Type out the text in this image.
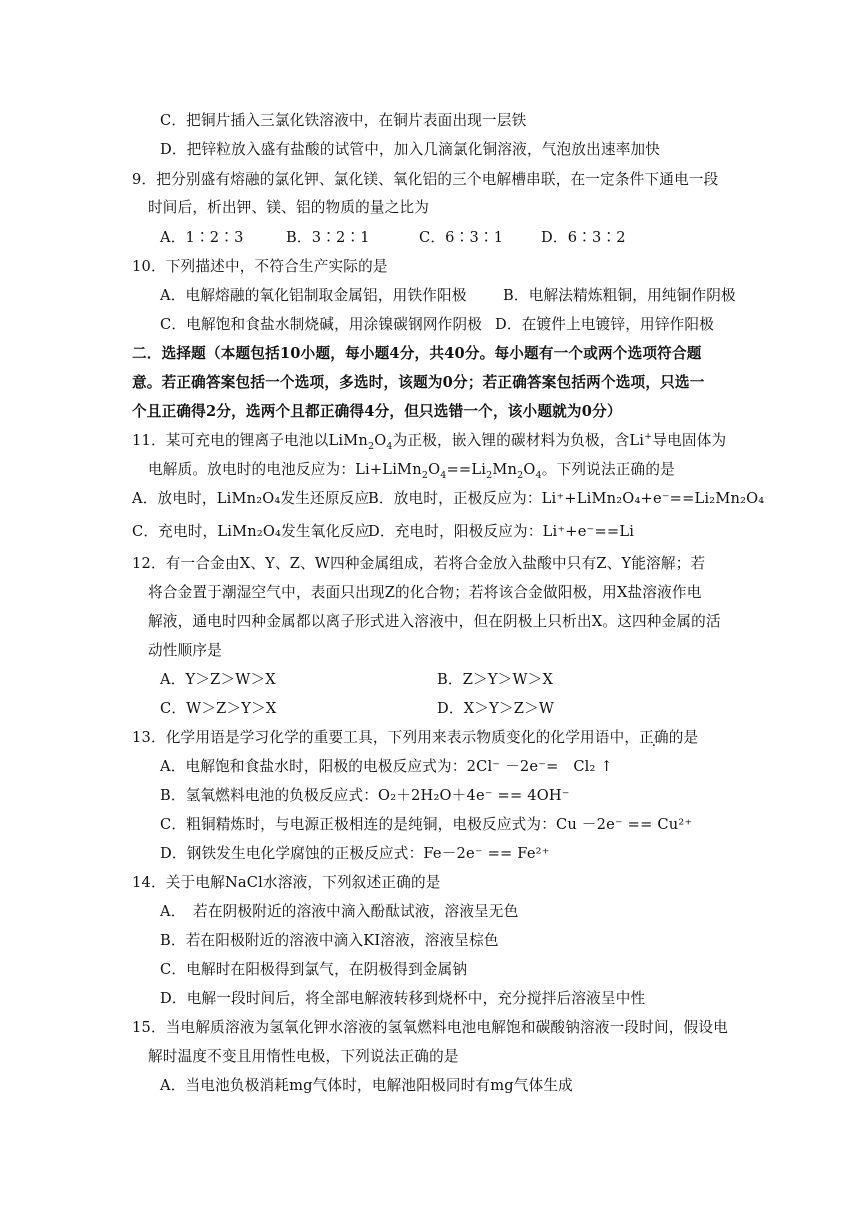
C．把铜片插入三氯化铁溶液中，在铜片表面出现一层铁
D．把锌粒放入盛有盐酸的试管中，加入几滴氯化铜溶液，气泡放出速率加快
9．把分别盛有熔融的氯化钾、氯化镁、氧化铝的三个电解槽串联，在一定条件下通电一段
时间后，析出钾、镁、铝的物质的量之比为
A．1∶2∶3	B．3∶2∶1	C．6∶3∶1	D．6∶3∶2
10．下列描述中，不符合生产实际的是
A．电解熔融的氧化铝制取金属铝，用铁作阳极 B．电解法精炼粗铜，用纯铜作阴极
C．电解饱和食盐水制烧碱，用涂镍碳钢网作阴极 D．在镀件上电镀锌，用锌作阳极
二．选择题（本题包括10小题，每小题4分，共40分。每小题有一个或两个选项符合题
意。若正确答案包括一个选项，多选时，该题为0分；若正确答案包括两个选项，只选一
个且正确得2分，选两个且都正确得4分，但只选错一个，该小题就为0分）
11．某可充电的锂离子电池以$LiMn_2O_4$为正极，嵌入锂的碳材料为负极，含Li+导电固体为
电解质。放电时的电池反应为：$Li+LiMn_2O_4==Li_2Mn_2O_4$。下列说法正确的是
A．放电时，LiMn₂O₄发生还原反应
B．放电时，正极反应为：Li⁺+LiMn₂O₄+e⁻==Li₂Mn₂O₄
C．充电时，LiMn₂O₄发生氧化反应
D．充电时，阳极反应为：Li⁺+e⁻==Li
12．有一合金由X、Y、Z、W四种金属组成，若将合金放入盐酸中只有Z、Y能溶解；若
将合金置于潮湿空气中，表面只出现Z的化合物；若将该合金做阳极，用X盐溶液作电
解液，通电时四种金属都以离子形式进入溶液中，但在阴极上只析出X。这四种金属的活
动性顺序是
A．Y＞Z＞W＞X	B．Z＞Y＞W＞X
C．W＞Z＞Y＞X	D．X＞Y＞Z＞W
13．化学用语是学习化学的重要工具，下列用来表示物质变化的化学用语中，正确的是
A．电解饱和食盐水时，阳极的电极反应式为：2Cl⁻ －2e⁻=　Cl₂ ↑
B．氢氧燃料电池的负极反应式：O₂＋2H₂O＋4e⁻ == 4OH⁻
C．粗铜精炼时，与电源正极相连的是纯铜，电极反应式为：Cu －2e⁻ == Cu²⁺
D．钢铁发生电化学腐蚀的正极反应式：Fe－2e⁻ == Fe²⁺
14．关于电解NaCl水溶液，下列叙述正确的是
A．　若在阴极附近的溶液中滴入酚酞试液，溶液呈无色
B．若在阳极附近的溶液中滴入KI溶液，溶液呈棕色
C．电解时在阳极得到氯气，在阴极得到金属钠
D．电解一段时间后，将全部电解液转移到烧杯中，充分搅拌后溶液呈中性
15．当电解质溶液为氢氧化钾水溶液的氢氧燃料电池电解饱和碳酸钠溶液一段时间，假设电
解时温度不变且用惰性电极，下列说法正确的是
A．当电池负极消耗mg气体时，电解池阳极同时有mg气体生成
